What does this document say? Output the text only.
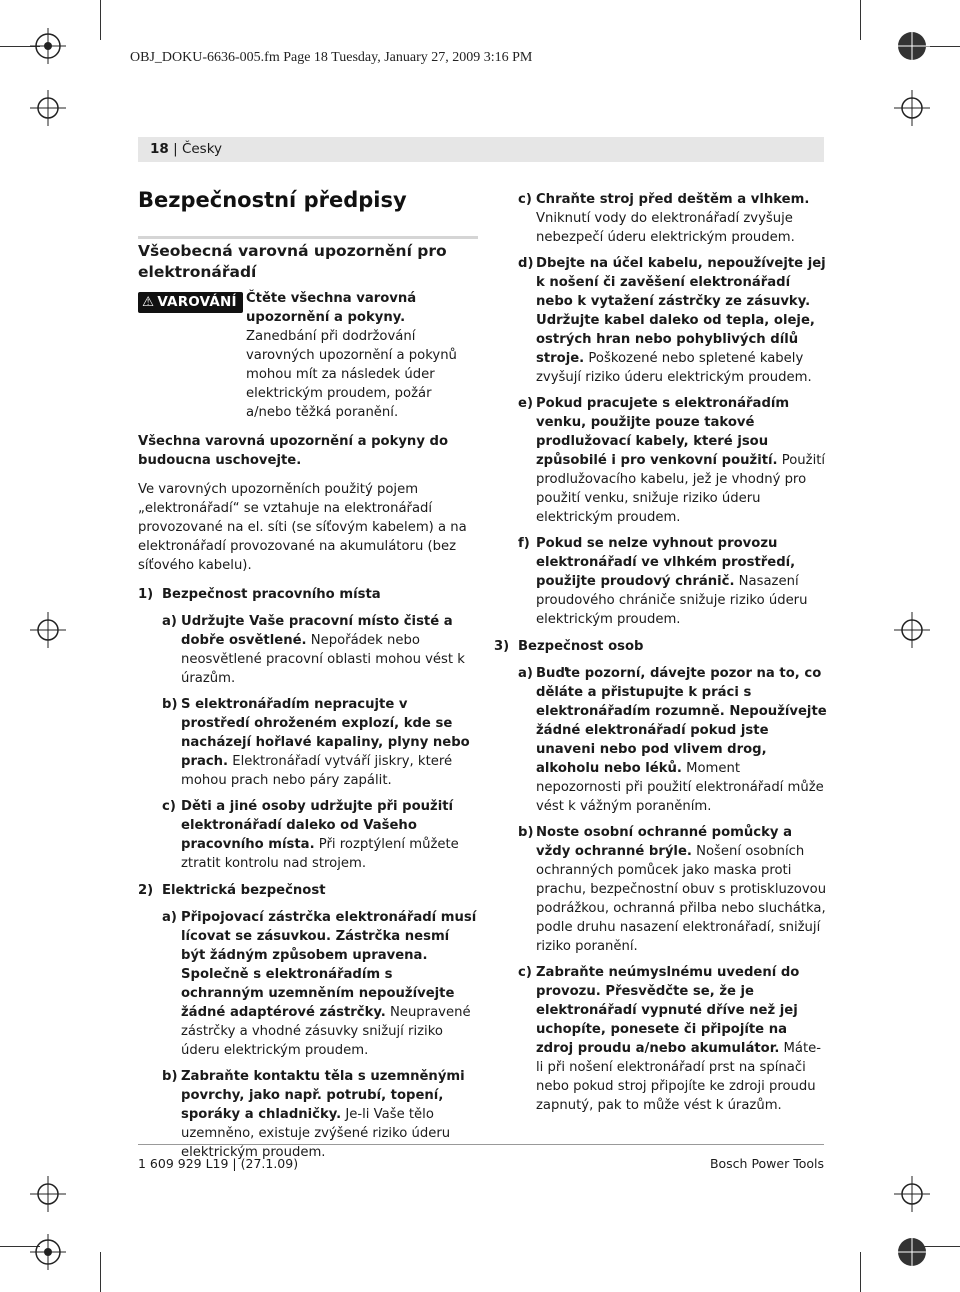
OBJ_DOKU-6636-005.fm Page 18 Tuesday, January 27, 2009 3:16 PM
18 | Česky
Bezpečnostní předpisy
Všeobecná varovná upozornění pro elektronářadí
⚠ VAROVÁNÍ Čtěte všechna varovná upozornění a pokyny. Zanedbání při dodržování varovných upozornění a pokynů mohou mít za následek úder elektrickým proudem, požár a/nebo těžká poranění.

Všechna varovná upozornění a pokyny do budoucna uschovejte.

Ve varovných upozorněních použitý pojem „elektronářadí“ se vztahuje na elektronářadí provozované na el. síti (se síťovým kabelem) a na elektronářadí provozované na akumulátoru (bez síťového kabelu).

1) Bezpečnost pracovního místa
a) Udržujte Vaše pracovní místo čisté a dobře osvětlené. Nepořádek nebo neosvětlené pracovní oblasti mohou vést k úrazům.
b) S elektronářadím nepracujte v prostředí ohroženém explozí, kde se nacházejí hořlavé kapaliny, plyny nebo prach. Elektronářadí vytváří jiskry, které mohou prach nebo páry zapálit.
c) Děti a jiné osoby udržujte při použití elektronářadí daleko od Vašeho pracovního místa. Při rozptýlení můžete ztratit kontrolu nad strojem.
2) Elektrická bezpečnost
a) Připojovací zástrčka elektronářadí musí lícovat se zásuvkou. Zástrčka nesmí být žádným způsobem upravena. Společně s elektronářadím s ochranným uzemněním nepoužívejte žádné adaptérové zástrčky. Neupravené zástrčky a vhodné zásuvky snižují riziko úderu elektrickým proudem.
b) Zabraňte kontaktu těla s uzemněnými povrchy, jako např. potrubí, topení, sporáky a chladničky. Je-li Vaše tělo uzemněno, existuje zvýšené riziko úderu elektrickým proudem.
c) Chraňte stroj před deštěm a vlhkem. Vniknutí vody do elektronářadí zvyšuje nebezpečí úderu elektrickým proudem.
d) Dbejte na účel kabelu, nepoužívejte jej k nošení či zavěšení elektronářadí nebo k vytažení zástrčky ze zásuvky. Udržujte kabel daleko od tepla, oleje, ostrých hran nebo pohyblivých dílů stroje. Poškozené nebo spletené kabely zvyšují riziko úderu elektrickým proudem.
e) Pokud pracujete s elektronářadím venku, použijte pouze takové prodlužovací kabely, které jsou způsobilé i pro venkovní použití. Použití prodlužovacího kabelu, jež je vhodný pro použití venku, snižuje riziko úderu elektrickým proudem.
f) Pokud se nelze vyhnout provozu elektronářadí ve vlhkém prostředí, použijte proudový chránič. Nasazení proudového chrániče snižuje riziko úderu elektrickým proudem.
3) Bezpečnost osob
a) Buďte pozorní, dávejte pozor na to, co děláte a přistupujte k práci s elektronářadím rozumně. Nepoužívejte žádné elektronářadí pokud jste unaveni nebo pod vlivem drog, alkoholu nebo léků. Moment nepozornosti při použití elektronářadí může vést k vážným poraněním.
b) Noste osobní ochranné pomůcky a vždy ochranné brýle. Nošení osobních ochranných pomůcek jako maska proti prachu, bezpečnostní obuv s protiskluzovou podrážkou, ochranná přilba nebo sluchátka, podle druhu nasazení elektronářadí, snižují riziko poranění.
c) Zabraňte neúmyslnému uvedení do provozu. Přesvědčte se, že je elektronářadí vypnuté dříve než jej uchopíte, ponesete či připojíte na zdroj proudu a/nebo akumulátor. Máte-li při nošení elektronářadí prst na spínači nebo pokud stroj připojíte ke zdroji proudu zapnutý, pak to může vést k úrazům.
1 609 929 L19 | (27.1.09)	Bosch Power Tools
